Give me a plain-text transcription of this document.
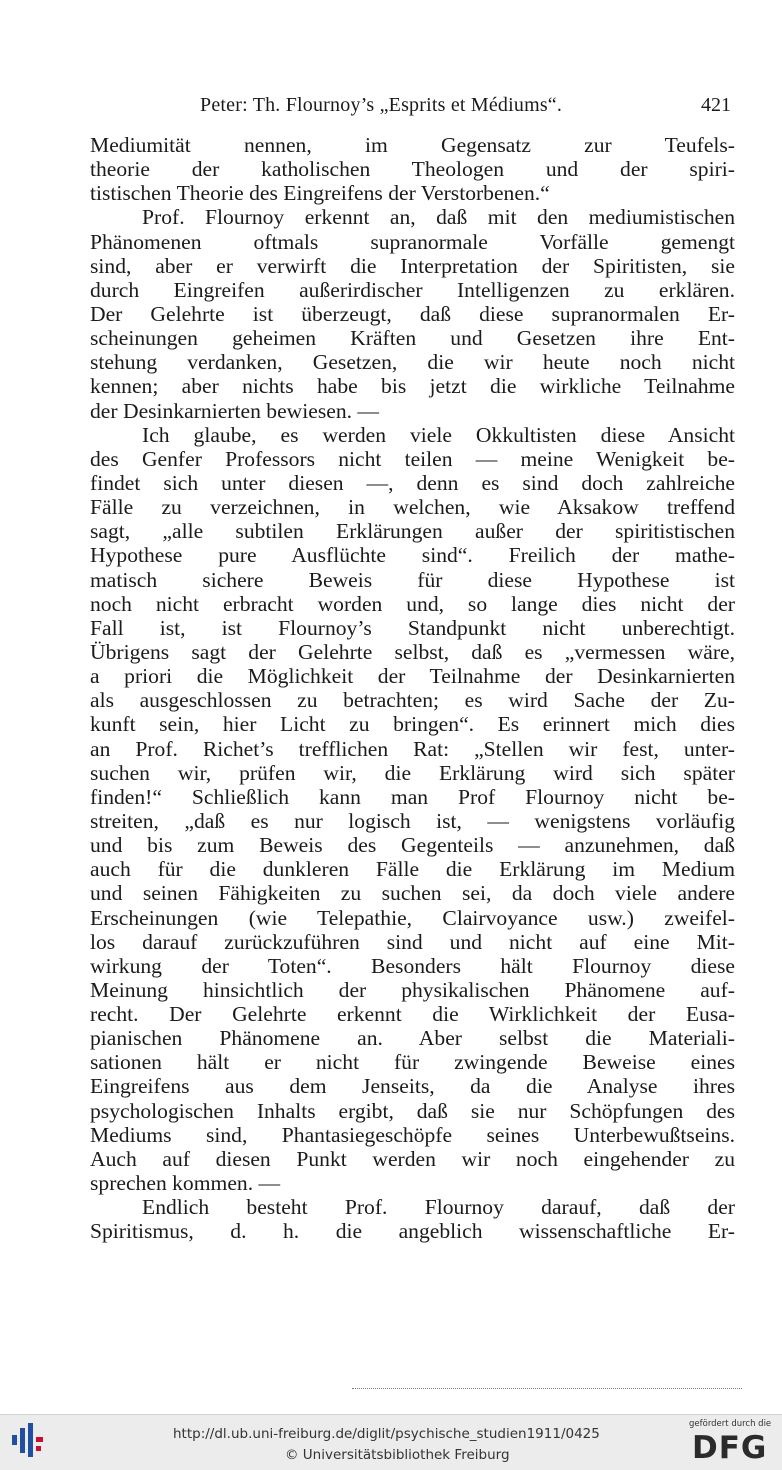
Peter: Th. Flournoy’s „Esprits et Médiums“.	421
Mediumität nennen, im Gegensatz zur Teufels-
theorie der katholischen Theologen und der spiri-
tistischen Theorie des Eingreifens der Verstorbenen.“
Prof. Flournoy erkennt an, daß mit den mediumistischen
Phänomenen oftmals supranormale Vorfälle gemengt
sind, aber er verwirft die Interpretation der Spiritisten, sie
durch Eingreifen außerirdischer Intelligenzen zu erklären.
Der Gelehrte ist überzeugt, daß diese supranormalen Er-
scheinungen geheimen Kräften und Gesetzen ihre Ent-
stehung verdanken, Gesetzen, die wir heute noch nicht
kennen; aber nichts habe bis jetzt die wirkliche Teilnahme
der Desinkarnierten bewiesen. —
Ich glaube, es werden viele Okkultisten diese Ansicht
des Genfer Professors nicht teilen — meine Wenigkeit be-
findet sich unter diesen —, denn es sind doch zahlreiche
Fälle zu verzeichnen, in welchen, wie Aksakow treffend
sagt, „alle subtilen Erklärungen außer der spiritistischen
Hypothese pure Ausflüchte sind“. Freilich der mathe-
matisch sichere Beweis für diese Hypothese ist
noch nicht erbracht worden und, so lange dies nicht der
Fall ist, ist Flournoy’s Standpunkt nicht unberechtigt.
Übrigens sagt der Gelehrte selbst, daß es „vermessen wäre,
a priori die Möglichkeit der Teilnahme der Desinkarnierten
als ausgeschlossen zu betrachten; es wird Sache der Zu-
kunft sein, hier Licht zu bringen“. Es erinnert mich dies
an Prof. Richet’s trefflichen Rat: „Stellen wir fest, unter-
suchen wir, prüfen wir, die Erklärung wird sich später
finden!“ Schließlich kann man Prof Flournoy nicht be-
streiten, „daß es nur logisch ist, — wenigstens vorläufig
und bis zum Beweis des Gegenteils — anzunehmen, daß
auch für die dunkleren Fälle die Erklärung im Medium
und seinen Fähigkeiten zu suchen sei, da doch viele andere
Erscheinungen (wie Telepathie, Clairvoyance usw.) zweifel-
los darauf zurückzuführen sind und nicht auf eine Mit-
wirkung der Toten“. Besonders hält Flournoy diese
Meinung hinsichtlich der physikalischen Phänomene auf-
recht. Der Gelehrte erkennt die Wirklichkeit der Eusa-
pianischen Phänomene an. Aber selbst die Materiali-
sationen hält er nicht für zwingende Beweise eines
Eingreifens aus dem Jenseits, da die Analyse ihres
psychologischen Inhalts ergibt, daß sie nur Schöpfungen des
Mediums sind, Phantasiegeschöpfe seines Unterbewußtseins.
Auch auf diesen Punkt werden wir noch eingehender zu
sprechen kommen. —
Endlich besteht Prof. Flournoy darauf, daß der
Spiritismus, d. h. die angeblich wissenschaftliche Er-
http://dl.ub.uni-freiburg.de/diglit/psychische_studien1911/0425
© Universitätsbibliothek Freiburg
gefördert durch die
DFG
